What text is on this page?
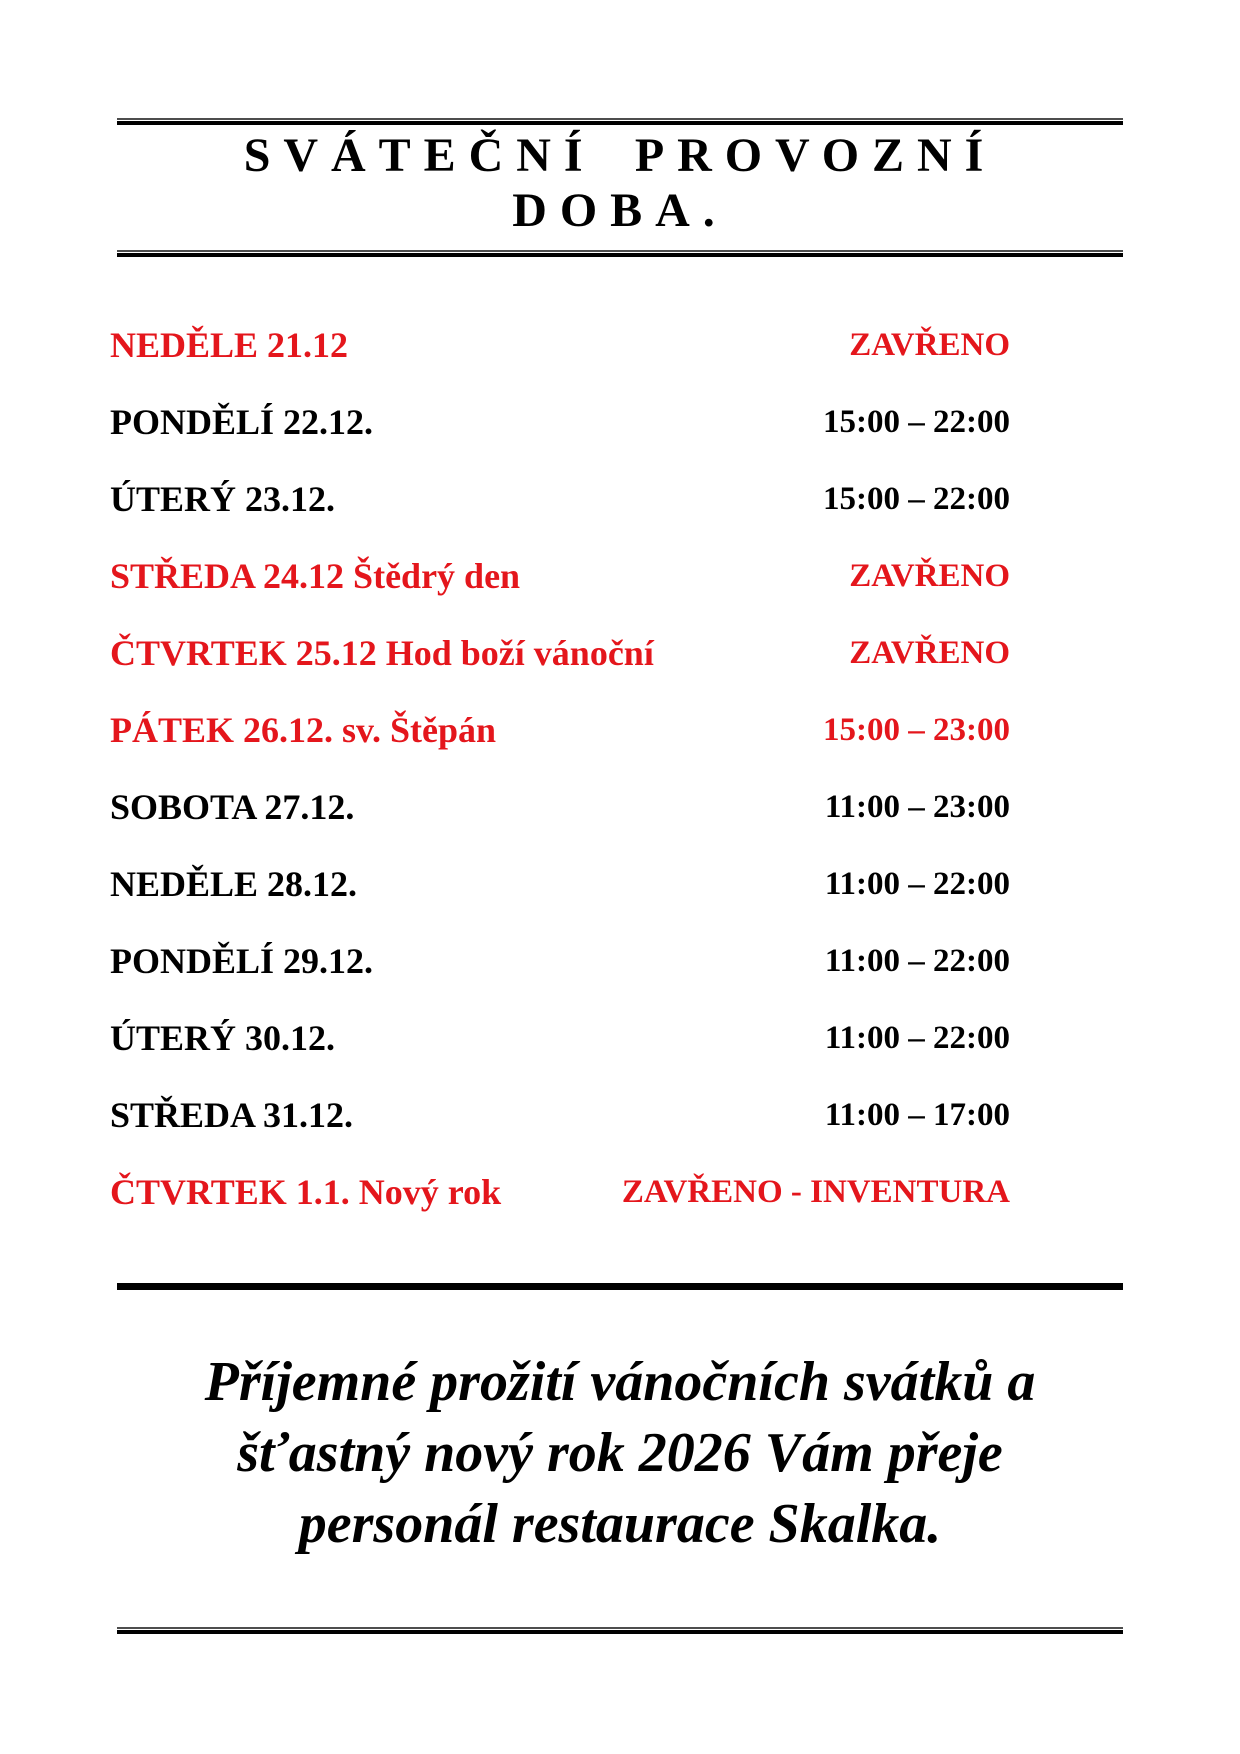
SVÁTEČNÍ PROVOZNÍ
DOBA.
NEDĚLE 21.12	ZAVŘENO
PONDĚLÍ 22.12.	15:00 – 22:00
ÚTERÝ 23.12.	15:00 – 22:00
STŘEDA 24.12 Štědrý den	ZAVŘENO
ČTVRTEK 25.12 Hod boží vánoční	ZAVŘENO
PÁTEK 26.12. sv. Štěpán	15:00 – 23:00
SOBOTA 27.12.	11:00 – 23:00
NEDĚLE 28.12.	11:00 – 22:00
PONDĚLÍ 29.12.	11:00 – 22:00
ÚTERÝ 30.12.	11:00 – 22:00
STŘEDA 31.12.	11:00 – 17:00
ČTVRTEK 1.1. Nový rok	ZAVŘENO - INVENTURA
Příjemné prožití vánočních svátků a
šťastný nový rok 2026 Vám přeje
personál restaurace Skalka.
